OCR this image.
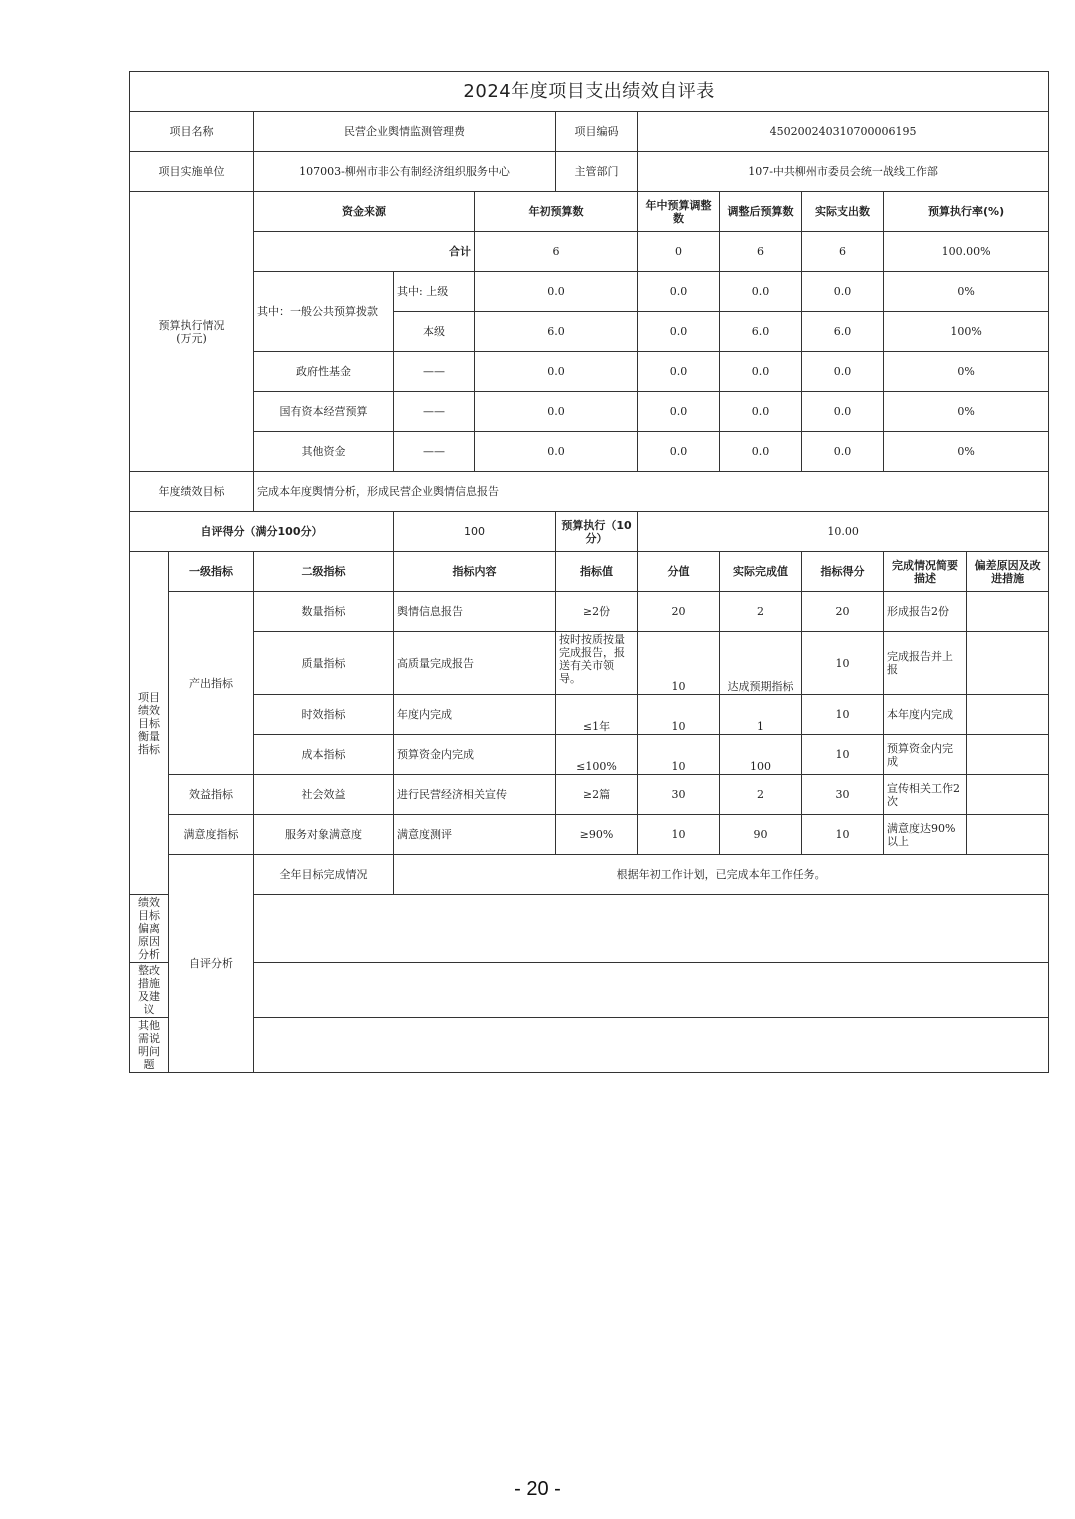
2024年度项目支出绩效自评表										
项目名称		民营企业舆情监测管理费			项目编码	450200240310700006195				
项目实施单位		107003-柳州市非公有制经济组织服务中心			主管部门	107-中共柳州市委员会统一战线工作部				
预算执行情况
(万元)		资金来源		年初预算数		年中预算调整数	调整后预算数	实际支出数	预算执行率(%)	
		合计		6		0	6	6	100.00%	
		其中：一般公共预算拨款	其中: 上级	0.0		0.0	0.0	0.0	0%	
			本级	6.0		0.0	6.0	6.0	100%	
		政府性基金	——	0.0		0.0	0.0	0.0	0%	
		国有资本经营预算	——	0.0		0.0	0.0	0.0	0%	
		其他资金	——	0.0		0.0	0.0	0.0	0%	
年度绩效目标		完成本年度舆情分析，形成民营企业舆情信息报告								
自评得分（满分100分）			100		预算执行（10分）	10.00				
项目绩效目标衡量指标	一级指标	二级指标	指标内容		指标值	分值	实际完成值	指标得分	完成情况简要描述	偏差原因及改进措施
	产出指标	数量指标	舆情信息报告		≥2份	20	2	20	形成报告2份	
		质量指标	高质量完成报告		按时按质按量完成报告，报送有关市领导。	10	达成预期指标	10	完成报告并上报	
		时效指标	年度内完成		≤1年	10	1	10	本年度内完成	
		成本指标	预算资金内完成		≤100%	10	100	10	预算资金内完成	
	效益指标	社会效益	进行民营经济相关宣传		≥2篇	30	2	30	宣传相关工作2次	
	满意度指标	服务对象满意度	满意度测评		≥90%	10	90	10	满意度达90%以上	
	自评分析	全年目标完成情况	根据年初工作计划，已完成本年工作任务。							
绩效目标偏离原因分析										
整改措施及建议										
其他需说明问题										
- 20 -
